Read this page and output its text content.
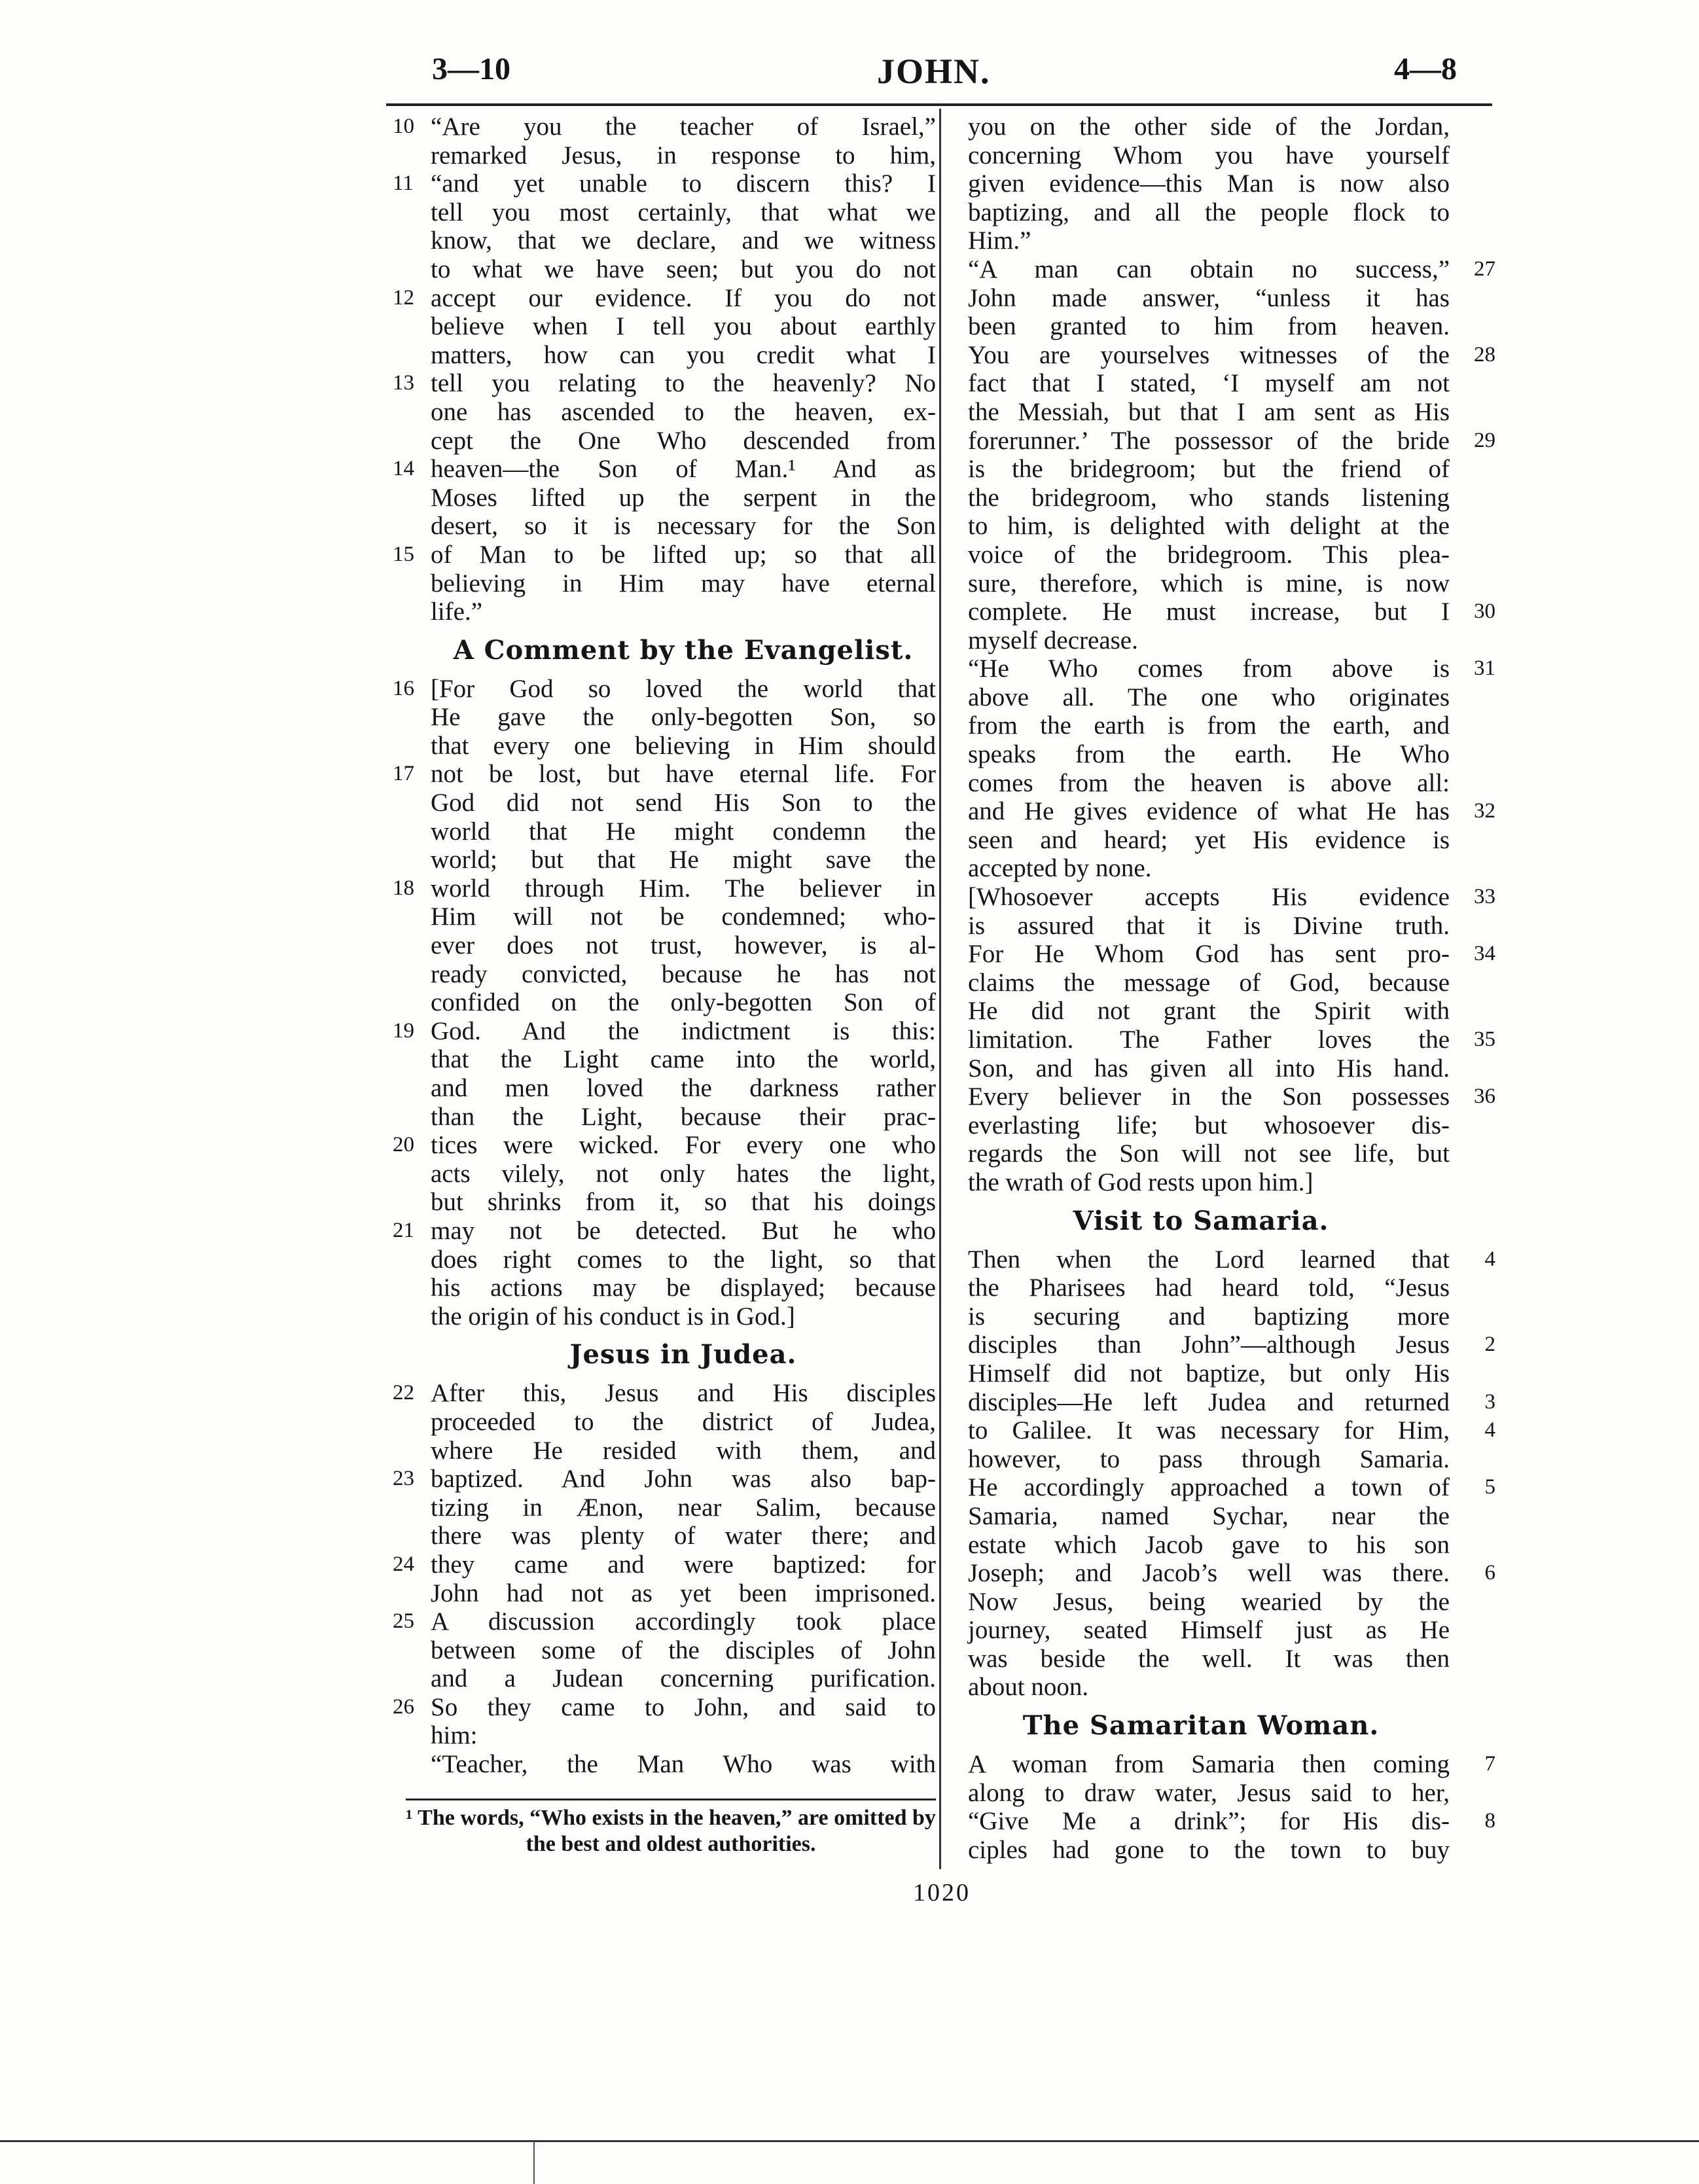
3—10	JOHN.	4—8
10 “Are you the teacher of Israel,”
remarked Jesus, in response to him,
11 “and yet unable to discern this? I
tell you most certainly, that what we
know, that we declare, and we witness
to what we have seen; but you do not
12 accept our evidence. If you do not
believe when I tell you about earthly
matters, how can you credit what I
13 tell you relating to the heavenly? No
one has ascended to the heaven, ex-
cept the One Who descended from
14 heaven—the Son of Man.¹ And as
Moses lifted up the serpent in the
desert, so it is necessary for the Son
15 of Man to be lifted up; so that all
believing in Him may have eternal
life.”
A Comment by the Evangelist.
16 [For God so loved the world that
He gave the only-begotten Son, so
that every one believing in Him should
17 not be lost, but have eternal life. For
God did not send His Son to the
world that He might condemn the
world; but that He might save the
18 world through Him. The believer in
Him will not be condemned; who-
ever does not trust, however, is al-
ready convicted, because he has not
confided on the only-begotten Son of
19 God. And the indictment is this:
that the Light came into the world,
and men loved the darkness rather
than the Light, because their prac-
20 tices were wicked. For every one who
acts vilely, not only hates the light,
but shrinks from it, so that his doings
21 may not be detected. But he who
does right comes to the light, so that
his actions may be displayed; because
the origin of his conduct is in God.]
Jesus in Judea.
22 After this, Jesus and His disciples
proceeded to the district of Judea,
where He resided with them, and
23 baptized. And John was also bap-
tizing in Ænon, near Salim, because
there was plenty of water there; and
24 they came and were baptized: for
John had not as yet been imprisoned.
25 A discussion accordingly took place
between some of the disciples of John
and a Judean concerning purification.
26 So they came to John, and said to
him:
“Teacher, the Man Who was with
you on the other side of the Jordan,
concerning Whom you have yourself
given evidence—this Man is now also
baptizing, and all the people flock to
Him.”
27
“A man can obtain no success,”
John made answer, “unless it has
been granted to him from heaven.
28
You are yourselves witnesses of the
fact that I stated, ‘I myself am not
the Messiah, but that I am sent as His
29
forerunner.’ The possessor of the bride
is the bridegroom; but the friend of
the bridegroom, who stands listening
to him, is delighted with delight at the
voice of the bridegroom. This plea-
sure, therefore, which is mine, is now
30
complete. He must increase, but I
myself decrease.
31
“He Who comes from above is
above all. The one who originates
from the earth is from the earth, and
speaks from the earth. He Who
comes from the heaven is above all:
32
and He gives evidence of what He has
seen and heard; yet His evidence is
accepted by none.
33
[Whosoever accepts His evidence
is assured that it is Divine truth.
34
For He Whom God has sent pro-
claims the message of God, because
He did not grant the Spirit with
35
limitation. The Father loves the
Son, and has given all into His hand.
36
Every believer in the Son possesses
everlasting life; but whosoever dis-
regards the Son will not see life, but
the wrath of God rests upon him.]
Visit to Samaria.
4
Then when the Lord learned that
the Pharisees had heard told, “Jesus
is securing and baptizing more
2
disciples than John”—although Jesus
Himself did not baptize, but only His
3
disciples—He left Judea and returned
4
to Galilee. It was necessary for Him,
however, to pass through Samaria.
5
He accordingly approached a town of
Samaria, named Sychar, near the
estate which Jacob gave to his son
6
Joseph; and Jacob’s well was there.
Now Jesus, being wearied by the
journey, seated Himself just as He
was beside the well. It was then
about noon.
The Samaritan Woman.
7
A woman from Samaria then coming
along to draw water, Jesus said to her,
8
“Give Me a drink”; for His dis-
ciples had gone to the town to buy
¹ The words, “Who exists in the heaven,” are omitted by the best and oldest authorities.
1020
